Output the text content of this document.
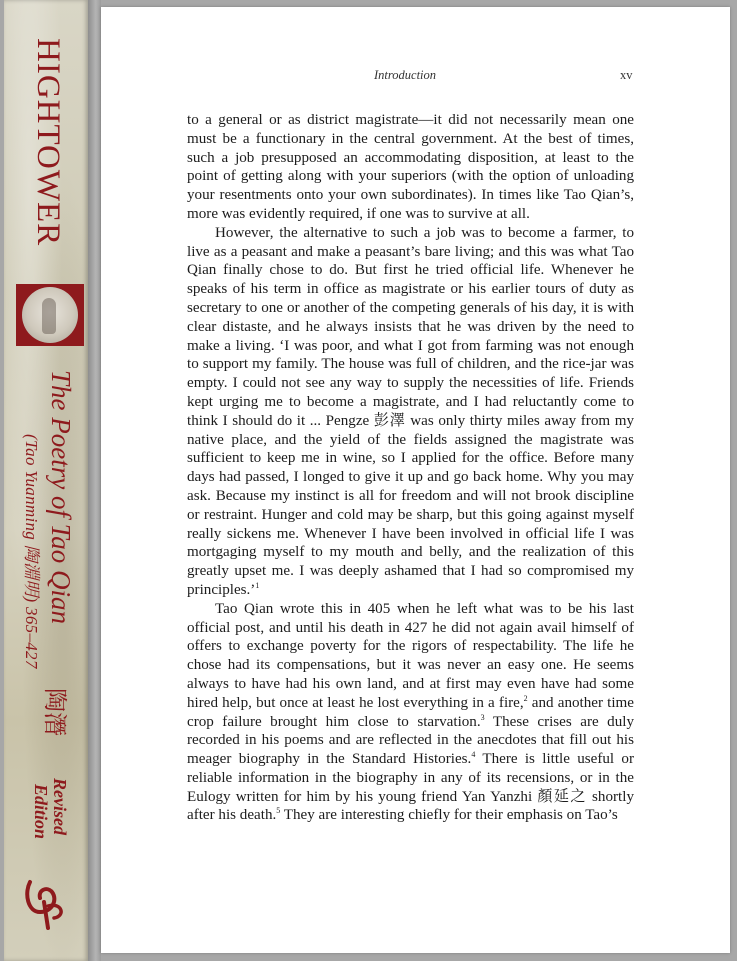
HIGHTOWER
The Poetry of Tao Qian
(Tao Yuanming 陶淵明) 365–427
陶潛
Revised
Edition
Introduction	xv

to a general or as district magistrate—it did not necessarily mean one must be a functionary in the central government. At the best of times, such a job presupposed an accommodating disposition, at least to the point of getting along with your superiors (with the option of unloading your resentments onto your own subordinates). In times like Tao Qian’s, more was evidently required, if one was to survive at all.

However, the alternative to such a job was to become a farmer, to live as a peasant and make a peasant’s bare living; and this was what Tao Qian finally chose to do. But first he tried official life. Whenever he speaks of his term in office as magistrate or his earlier tours of duty as secretary to one or another of the competing generals of his day, it is with clear distaste, and he always insists that he was driven by the need to make a living. ‘I was poor, and what I got from farming was not enough to support my family. The house was full of children, and the rice-jar was empty. I could not see any way to supply the necessities of life. Friends kept urging me to become a magistrate, and I had reluctantly come to think I should do it ... Pengze 彭澤 was only thirty miles away from my native place, and the yield of the fields assigned the magistrate was sufficient to keep me in wine, so I applied for the office. Before many days had passed, I longed to give it up and go back home. Why you may ask. Because my instinct is all for freedom and will not brook discipline or restraint. Hunger and cold may be sharp, but this going against myself really sickens me. Whenever I have been involved in official life I was mortgaging myself to my mouth and belly, and the realization of this greatly upset me. I was deeply ashamed that I had so compromised my principles.’$^1$

Tao Qian wrote this in 405 when he left what was to be his last official post, and until his death in 427 he did not again avail himself of offers to exchange poverty for the rigors of respectability. The life he chose had its compensations, but it was never an easy one. He seems always to have had his own land, and at first may even have had some hired help, but once at least he lost everything in a fire,$^2$ and another time crop failure brought him close to starvation.$^3$ These crises are duly recorded in his poems and are reflected in the anecdotes that fill out his meager biography in the Standard Histories.$^4$ There is little useful or reliable information in the biography in any of its recensions, or in the Eulogy written for him by his young friend Yan Yanzhi 顏延之 shortly after his death.$^5$ They are interesting chiefly for their emphasis on Tao’s
